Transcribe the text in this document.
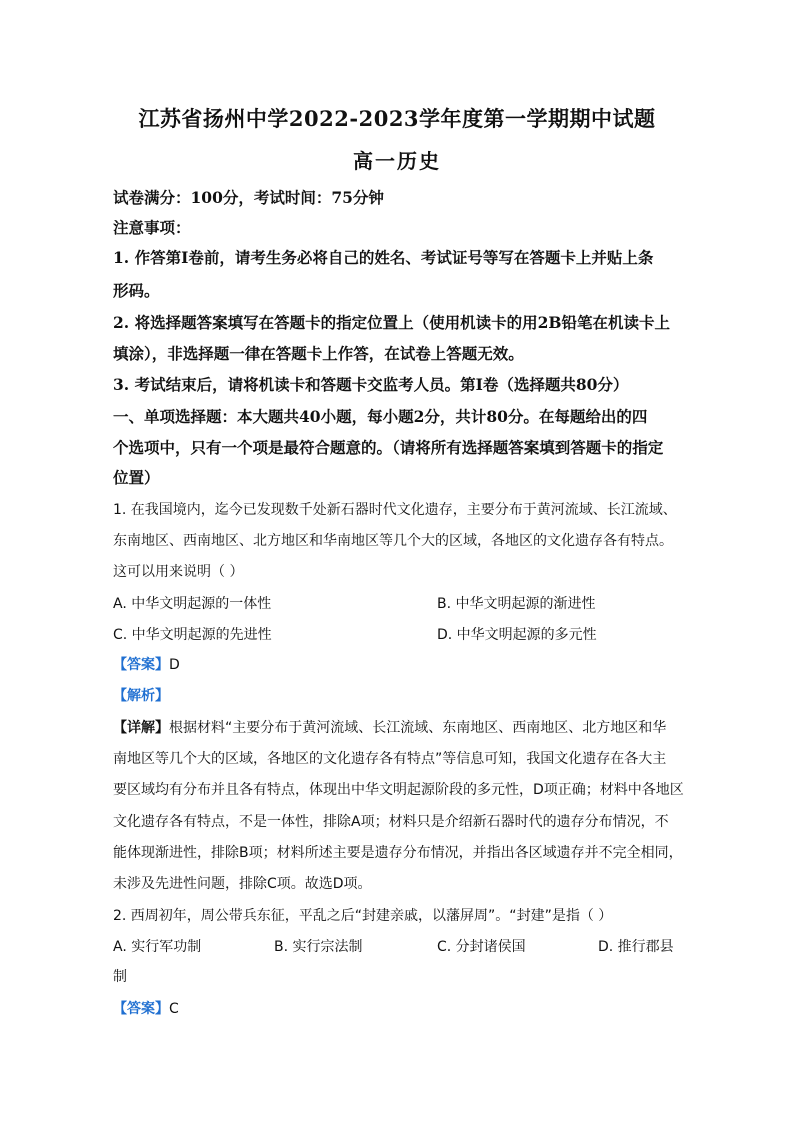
江苏省扬州中学2022-2023学年度第一学期期中试题
高一历史
试卷满分：100分，考试时间：75分钟
注意事项：
1. 作答第Ⅰ卷前，请考生务必将自己的姓名、考试证号等写在答题卡上并贴上条
形码。
2. 将选择题答案填写在答题卡的指定位置上（使用机读卡的用2B铅笔在机读卡上
填涂），非选择题一律在答题卡上作答，在试卷上答题无效。
3. 考试结束后，请将机读卡和答题卡交监考人员。第Ⅰ卷（选择题共80分）
一、单项选择题：本大题共40小题，每小题2分，共计80分。在每题给出的四
个选项中，只有一个项是最符合题意的。（请将所有选择题答案填到答题卡的指定
位置）
1. 在我国境内，迄今已发现数千处新石器时代文化遗存，主要分布于黄河流域、长江流域、
东南地区、西南地区、北方地区和华南地区等几个大的区域，各地区的文化遗存各有特点。
这可以用来说明（ ）
A. 中华文明起源的一体性	B. 中华文明起源的渐进性
C. 中华文明起源的先进性	D. 中华文明起源的多元性
【答案】D
【解析】
【详解】根据材料“主要分布于黄河流域、长江流域、东南地区、西南地区、北方地区和华
南地区等几个大的区域，各地区的文化遗存各有特点”等信息可知，我国文化遗存在各大主
要区域均有分布并且各有特点，体现出中华文明起源阶段的多元性，D项正确；材料中各地区
文化遗存各有特点，不是一体性，排除A项；材料只是介绍新石器时代的遗存分布情况，不
能体现渐进性，排除B项；材料所述主要是遗存分布情况，并指出各区域遗存并不完全相同，
未涉及先进性问题，排除C项。故选D项。
2. 西周初年，周公带兵东征，平乱之后“封建亲戚，以藩屏周”。“封建”是指（ ）
A. 实行军功制	B. 实行宗法制	C. 分封诸侯国	D. 推行郡县
制
【答案】C
